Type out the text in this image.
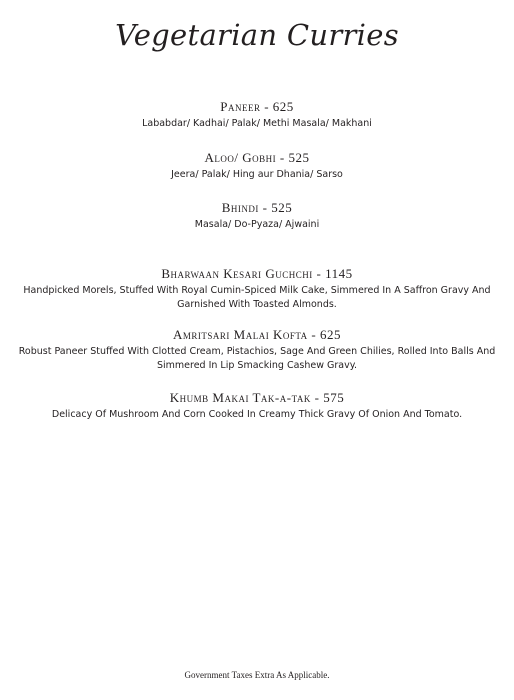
Vegetarian Curries
Paneer - 625

Lababdar/ Kadhai/ Palak/ Methi Masala/ Makhani

Aloo/ Gobhi - 525

Jeera/ Palak/ Hing aur Dhania/ Sarso

Bhindi - 525

Masala/ Do-Pyaza/ Ajwaini

Bharwaan Kesari Guchchi - 1145

Handpicked Morels, Stuffed With Royal Cumin-Spiced Milk Cake, Simmered In A Saffron Gravy And Garnished With Toasted Almonds.

Amritsari Malai Kofta - 625

Robust Paneer Stuffed With Clotted Cream, Pistachios, Sage And Green Chilies, Rolled Into Balls And Simmered In Lip Smacking Cashew Gravy.

Khumb Makai Tak-a-tak - 575

Delicacy Of Mushroom And Corn Cooked In Creamy Thick Gravy Of Onion And Tomato.

Government Taxes Extra As Applicable.
